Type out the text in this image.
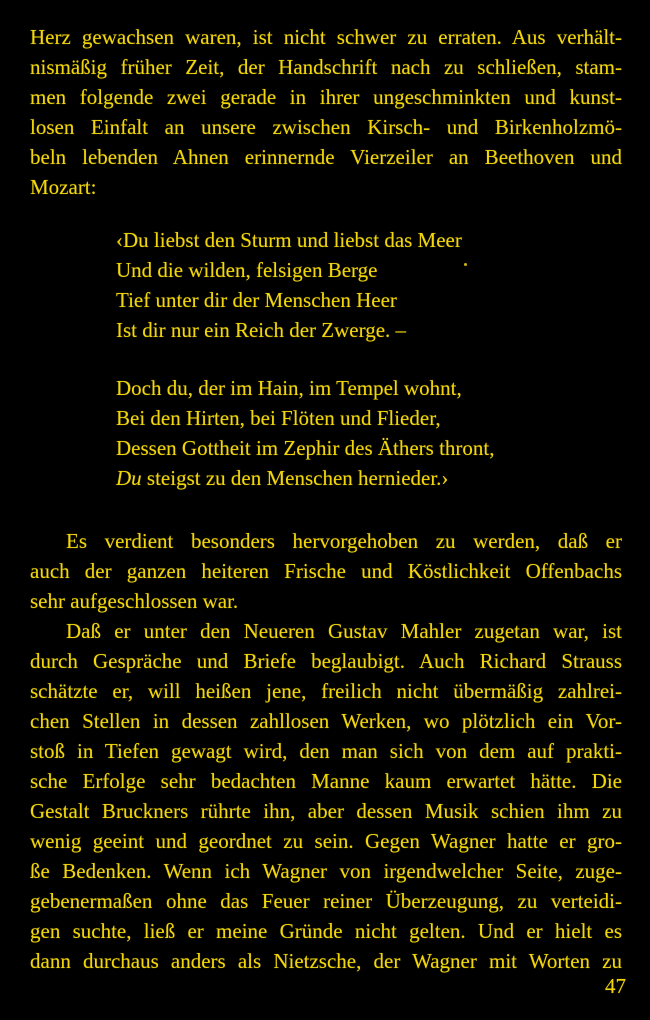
Herz gewachsen waren, ist nicht schwer zu erraten. Aus verhält-
nismäßig früher Zeit, der Handschrift nach zu schließen, stam-
men folgende zwei gerade in ihrer ungeschminkten und kunst-
losen Einfalt an unsere zwischen Kirsch- und Birkenholzmö-
beln lebenden Ahnen erinnernde Vierzeiler an Beethoven und
Mozart:
‹Du liebst den Sturm und liebst das Meer
Und die wilden, felsigen Berge
Tief unter dir der Menschen Heer
Ist dir nur ein Reich der Zwerge. –
Doch du, der im Hain, im Tempel wohnt,
Bei den Hirten, bei Flöten und Flieder,
Dessen Gottheit im Zephir des Äthers thront,
Du steigst zu den Menschen hernieder.›
Es verdient besonders hervorgehoben zu werden, daß er
auch der ganzen heiteren Frische und Köstlichkeit Offenbachs
sehr aufgeschlossen war.
Daß er unter den Neueren Gustav Mahler zugetan war, ist
durch Gespräche und Briefe beglaubigt. Auch Richard Strauss
schätzte er, will heißen jene, freilich nicht übermäßig zahlrei-
chen Stellen in dessen zahllosen Werken, wo plötzlich ein Vor-
stoß in Tiefen gewagt wird, den man sich von dem auf prakti-
sche Erfolge sehr bedachten Manne kaum erwartet hätte. Die
Gestalt Bruckners rührte ihn, aber dessen Musik schien ihm zu
wenig geeint und geordnet zu sein. Gegen Wagner hatte er gro-
ße Bedenken. Wenn ich Wagner von irgendwelcher Seite, zuge-
gebenermaßen ohne das Feuer reiner Überzeugung, zu verteidi-
gen suchte, ließ er meine Gründe nicht gelten. Und er hielt es
dann durchaus anders als Nietzsche, der Wagner mit Worten zu
47
